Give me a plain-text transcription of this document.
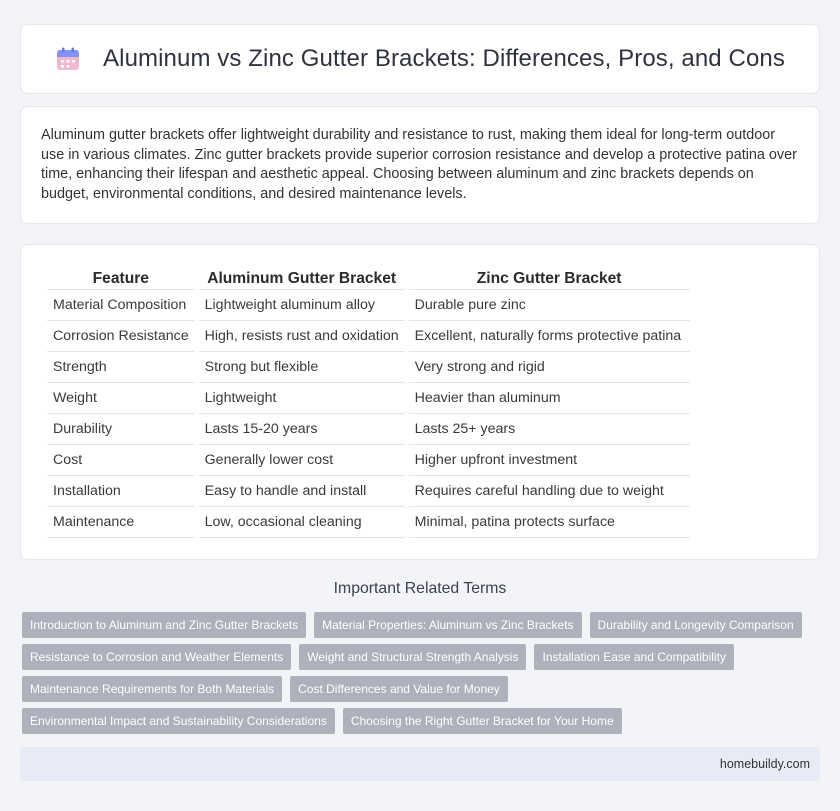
Aluminum vs Zinc Gutter Brackets: Differences, Pros, and Cons

Aluminum gutter brackets offer lightweight durability and resistance to rust, making them ideal for long-term outdoor use in various climates. Zinc gutter brackets provide superior corrosion resistance and develop a protective patina over time, enhancing their lifespan and aesthetic appeal. Choosing between aluminum and zinc brackets depends on budget, environmental conditions, and desired maintenance levels.

Feature	Aluminum Gutter Bracket	Zinc Gutter Bracket
Material Composition	Lightweight aluminum alloy	Durable pure zinc
Corrosion Resistance	High, resists rust and oxidation	Excellent, naturally forms protective patina
Strength	Strong but flexible	Very strong and rigid
Weight	Lightweight	Heavier than aluminum
Durability	Lasts 15-20 years	Lasts 25+ years
Cost	Generally lower cost	Higher upfront investment
Installation	Easy to handle and install	Requires careful handling due to weight
Maintenance	Low, occasional cleaning	Minimal, patina protects surface
Important Related Terms
Introduction to Aluminum and Zinc Gutter Brackets	Material Properties: Aluminum vs Zinc Brackets	Durability and Longevity Comparison
Resistance to Corrosion and Weather Elements	Weight and Structural Strength Analysis	Installation Ease and Compatibility
Maintenance Requirements for Both Materials	Cost Differences and Value for Money
Environmental Impact and Sustainability Considerations	Choosing the Right Gutter Bracket for Your Home
homebuildy.com
